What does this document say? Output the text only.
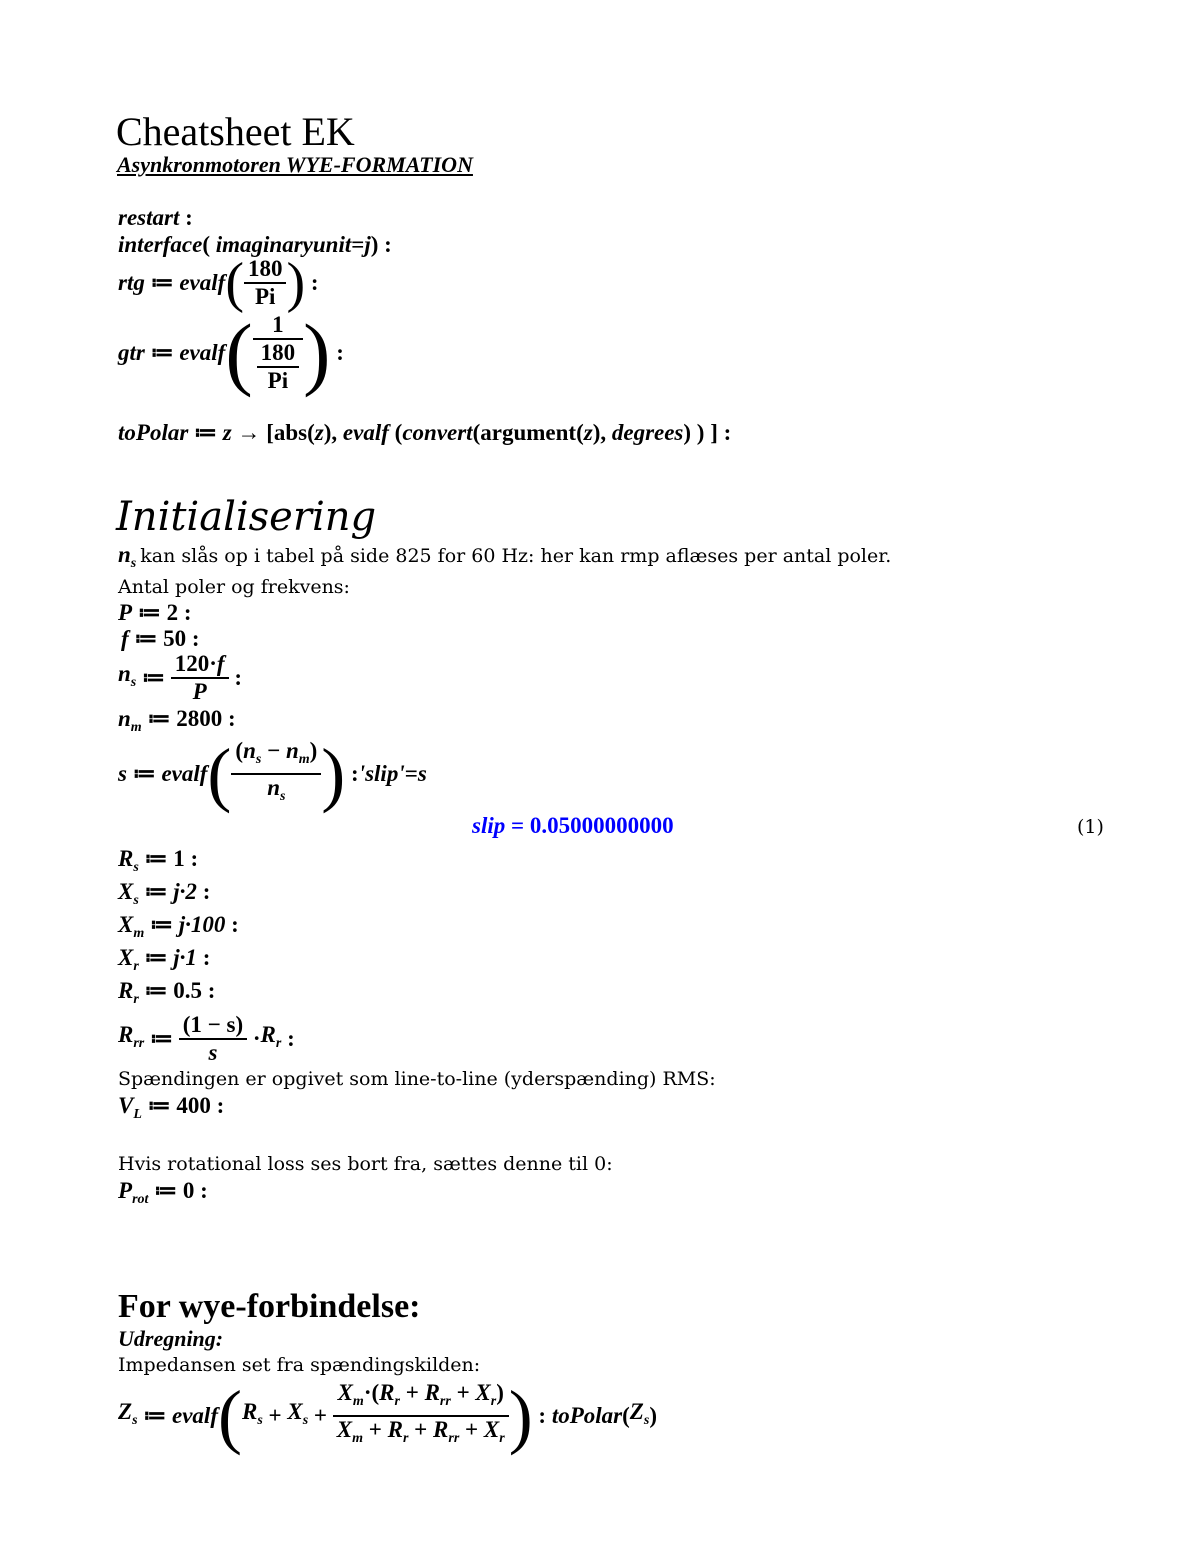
Cheatsheet EK
Asynkronmotoren WYE-FORMATION
restart :
interface( imaginaryunit=j) :
rtg ≔ evalf ( $\frac{180}{Pi}$ ) :
gtr ≔ evalf ( $\frac{1}{\frac{180}{Pi}}$ ) :
toPolar ≔ z → [abs(z), evalf (convert(argument(z), degrees) ) ] :
Initialisering
$n_s$ kan slås op i tabel på side 825 for 60 Hz: her kan rmp aflæses per antal poler.
Antal poler og frekvens:
P ≔ 2 :
f ≔ 50 :
$n_s$ ≔ $\frac{120\cdot f}{P}$ :
$n_m$ ≔ 2800 :
s ≔ evalf ( $\frac{(n_s - n_m)}{n_s}$ ) : 'slip' = s
slip = 0.05000000000	(1)
$R_s$ ≔ 1 :
$X_s$ ≔ j·2 :
$X_m$ ≔ j·100 :
$X_r$ ≔ j·1 :
$R_r$ ≔ 0.5 :
$R_{rr}$ ≔ $\frac{(1 - s)}{s} \cdot R_r$ :
Spændingen er opgivet som line-to-line (yderspænding) RMS:
$V_L$ ≔ 400 :
Hvis rotational loss ses bort fra, sættes denne til 0:
$P_{rot}$ ≔ 0 :
For wye-forbindelse:
Udregning:
Impedansen set fra spændingskilden:
$Z_s$ ≔ evalf ( $R_s + X_s + \frac{X_m\cdot(R_r + R_{rr} + X_r)}{X_m + R_r + R_{rr} + X_r}$ ) : toPolar ( $Z_s$ )
